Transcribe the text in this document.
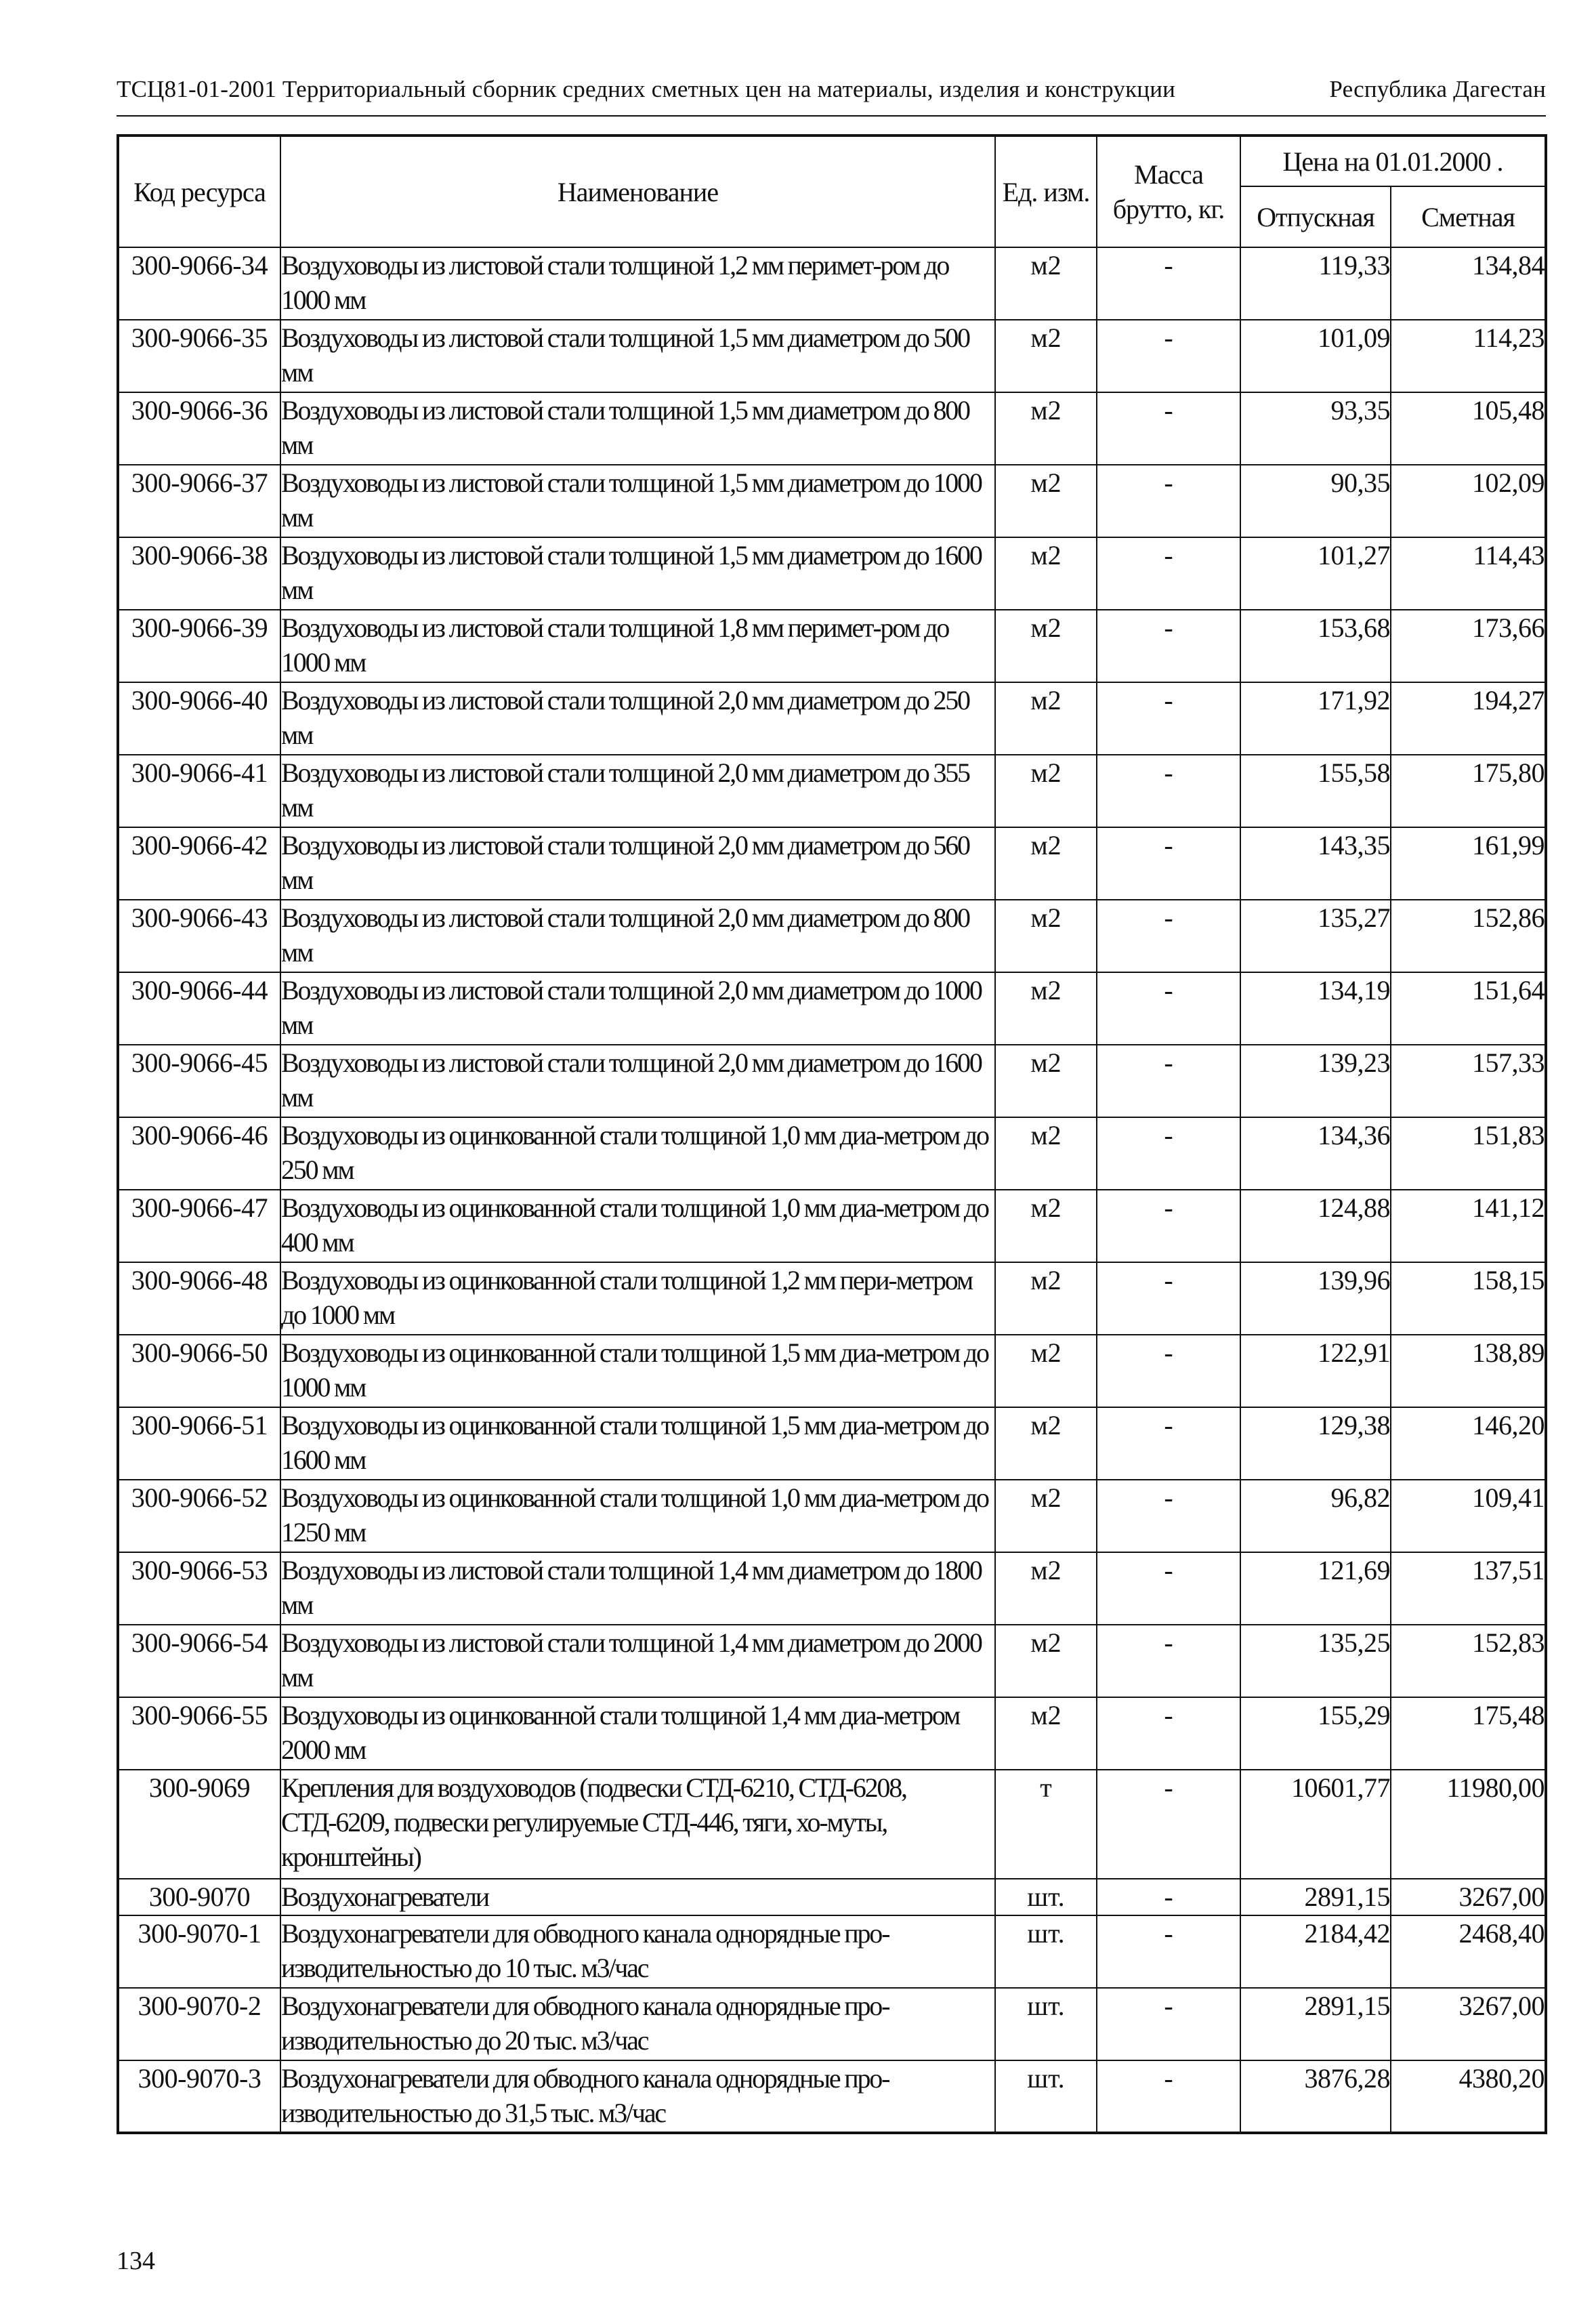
ТСЦ81-01-2001 Территориальный сборник средних сметных цен на материалы, изделия и конструкции	Республика Дагестан
Код ресурса	Наименование	Ед. изм.	Масса брутто, кг.	Цена на 01.01.2000 .	
				Отпускная	Сметная
300-9066-34	Воздуховоды из листовой стали толщиной 1,2 мм перимет-ром до 1000 мм	м2	-	119,33	134,84
300-9066-35	Воздуховоды из листовой стали толщиной 1,5 мм диаметром до 500 мм	м2	-	101,09	114,23
300-9066-36	Воздуховоды из листовой стали толщиной 1,5 мм диаметром до 800 мм	м2	-	93,35	105,48
300-9066-37	Воздуховоды из листовой стали толщиной 1,5 мм диаметром до 1000 мм	м2	-	90,35	102,09
300-9066-38	Воздуховоды из листовой стали толщиной 1,5 мм диаметром до 1600 мм	м2	-	101,27	114,43
300-9066-39	Воздуховоды из листовой стали толщиной 1,8 мм перимет-ром до 1000 мм	м2	-	153,68	173,66
300-9066-40	Воздуховоды из листовой стали толщиной 2,0 мм диаметром до 250 мм	м2	-	171,92	194,27
300-9066-41	Воздуховоды из листовой стали толщиной 2,0 мм диаметром до 355 мм	м2	-	155,58	175,80
300-9066-42	Воздуховоды из листовой стали толщиной 2,0 мм диаметром до 560 мм	м2	-	143,35	161,99
300-9066-43	Воздуховоды из листовой стали толщиной 2,0 мм диаметром до 800 мм	м2	-	135,27	152,86
300-9066-44	Воздуховоды из листовой стали толщиной 2,0 мм диаметром до 1000 мм	м2	-	134,19	151,64
300-9066-45	Воздуховоды из листовой стали толщиной 2,0 мм диаметром до 1600 мм	м2	-	139,23	157,33
300-9066-46	Воздуховоды из оцинкованной стали толщиной 1,0 мм диа-метром до 250 мм	м2	-	134,36	151,83
300-9066-47	Воздуховоды из оцинкованной стали толщиной 1,0 мм диа-метром до 400 мм	м2	-	124,88	141,12
300-9066-48	Воздуховоды из оцинкованной стали толщиной 1,2 мм пери-метром до 1000 мм	м2	-	139,96	158,15
300-9066-50	Воздуховоды из оцинкованной стали толщиной 1,5 мм диа-метром до 1000 мм	м2	-	122,91	138,89
300-9066-51	Воздуховоды из оцинкованной стали толщиной 1,5 мм диа-метром до 1600 мм	м2	-	129,38	146,20
300-9066-52	Воздуховоды из оцинкованной стали толщиной 1,0 мм диа-метром до 1250 мм	м2	-	96,82	109,41
300-9066-53	Воздуховоды из листовой стали толщиной 1,4 мм диаметром до 1800 мм	м2	-	121,69	137,51
300-9066-54	Воздуховоды из листовой стали толщиной 1,4 мм диаметром до 2000 мм	м2	-	135,25	152,83
300-9066-55	Воздуховоды из оцинкованной стали толщиной 1,4 мм диа-метром 2000 мм	м2	-	155,29	175,48
300-9069	Крепления для воздуховодов (подвески СТД-6210, СТД-6208, СТД-6209, подвески регулируемые СТД-446, тяги, хо-муты, кронштейны)	т	-	10601,77	11980,00
300-9070	Воздухонагреватели	шт.	-	2891,15	3267,00
300-9070-1	Воздухонагреватели для обводного канала однорядные про-изводительностью до 10 тыс. м3/час	шт.	-	2184,42	2468,40
300-9070-2	Воздухонагреватели для обводного канала однорядные про-изводительностью до 20 тыс. м3/час	шт.	-	2891,15	3267,00
300-9070-3	Воздухонагреватели для обводного канала однорядные про-изводительностью до 31,5 тыс. м3/час	шт.	-	3876,28	4380,20
134
